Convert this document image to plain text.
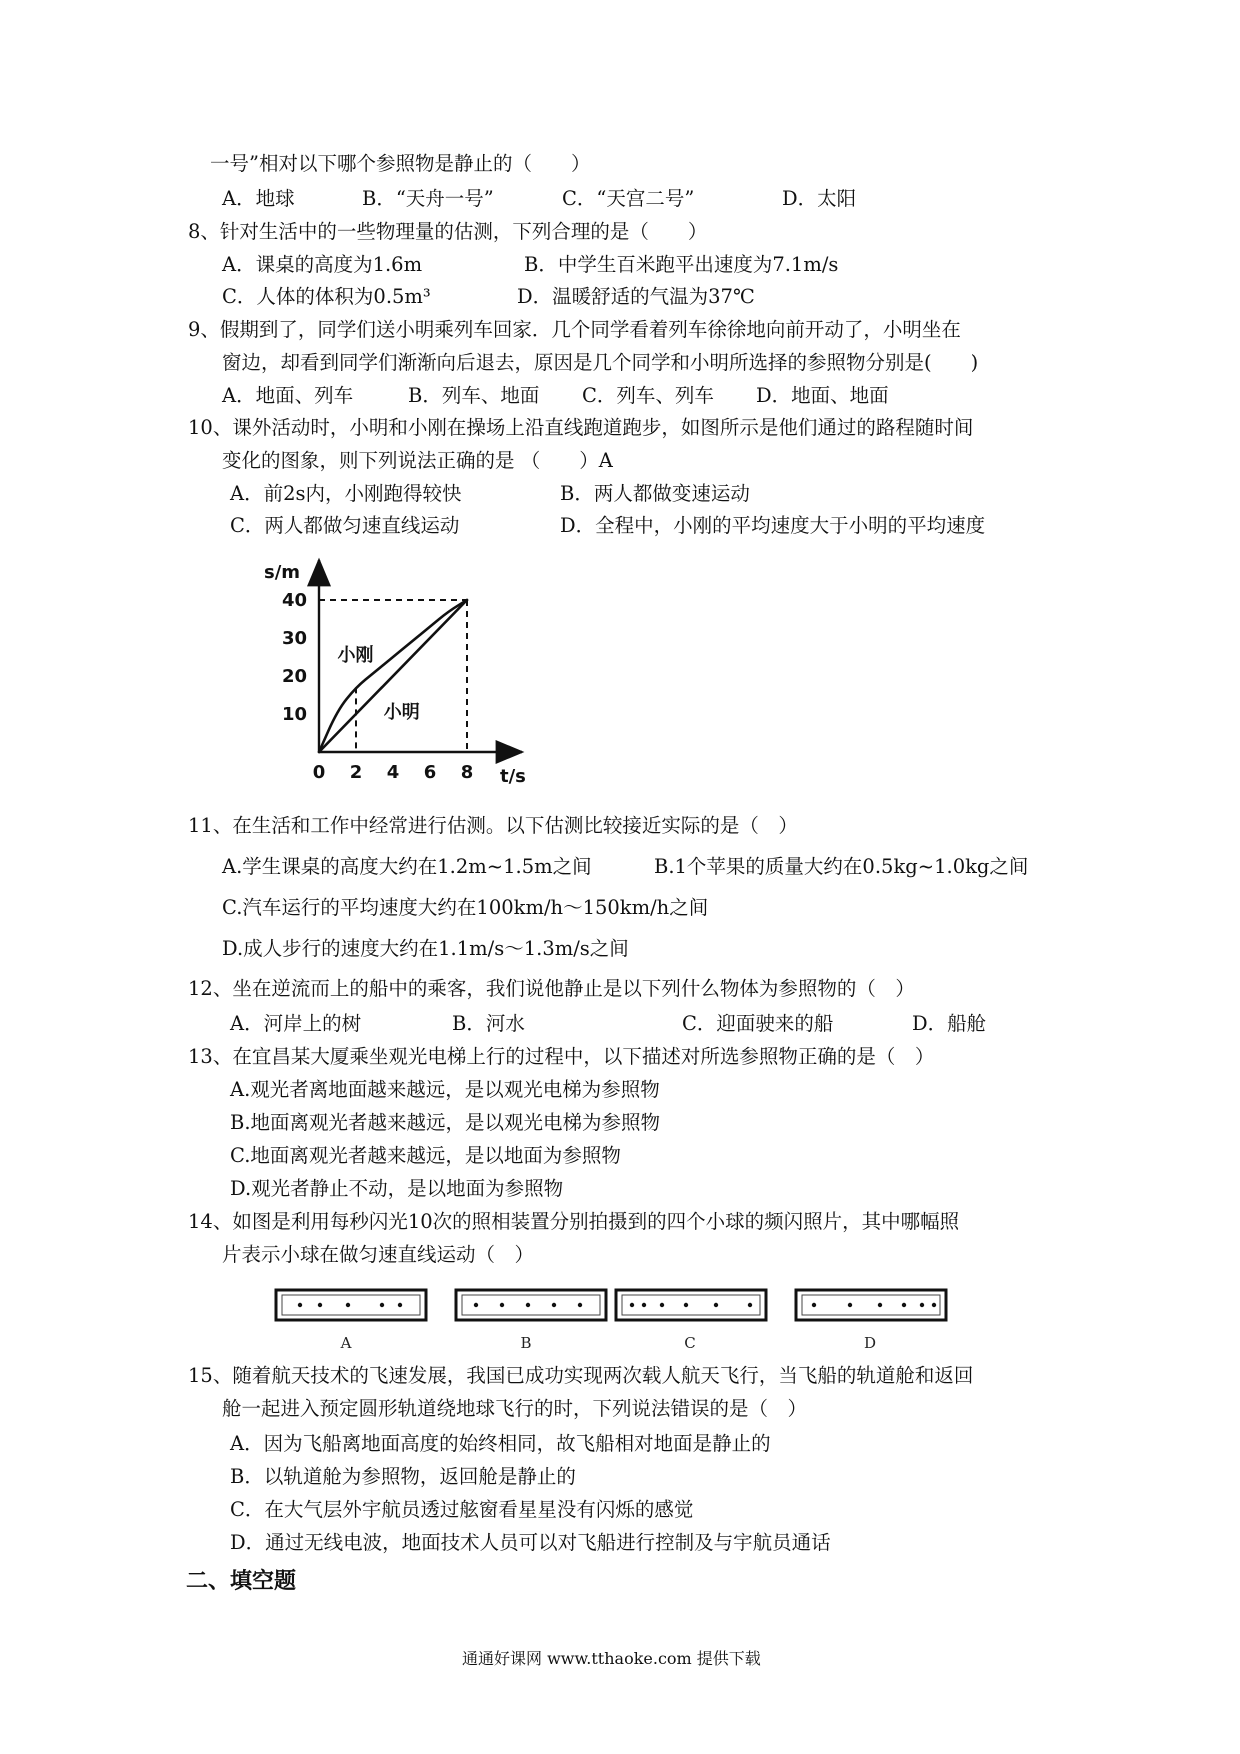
一号”相对以下哪个参照物是静止的（　　）
A．地球	B．“天舟一号”	C．“天宫二号”	D．太阳
8、针对生活中的一些物理量的估测，下列合理的是（　　）
A．课桌的高度为1.6m	B．中学生百米跑平出速度为7.1m/s
C．人体的体积为0.5m³	D．温暖舒适的气温为37℃
9、假期到了，同学们送小明乘列车回家．几个同学看着列车徐徐地向前开动了，小明坐在
窗边，却看到同学们渐渐向后退去，原因是几个同学和小明所选择的参照物分别是(　　)
A．地面、列车	B．列车、地面 C．列车、列车 D．地面、地面
10、课外活动时，小明和小刚在操场上沿直线跑道跑步，如图所示是他们通过的路程随时间
变化的图象，则下列说法正确的是 （　　）A
A．前2s内，小刚跑得较快	B．两人都做变速运动
C．两人都做匀速直线运动	D．全程中，小刚的平均速度大于小明的平均速度
s/m
t/s
0 2 4 6 8
10
20
30
40
小刚
小明
11、在生活和工作中经常进行估测。以下估测比较接近实际的是（　）
A.学生课桌的高度大约在1.2m~1.5m之间	B.1个苹果的质量大约在0.5kg~1.0kg之间
C.汽车运行的平均速度大约在100km/h～150km/h之间
D.成人步行的速度大约在1.1m/s～1.3m/s之间
12、坐在逆流而上的船中的乘客，我们说他静止是以下列什么物体为参照物的（　）
A．河岸上的树	B．河水	C．迎面驶来的船	D．船舱
13、在宜昌某大厦乘坐观光电梯上行的过程中，以下描述对所选参照物正确的是（　）
A.观光者离地面越来越远，是以观光电梯为参照物
B.地面离观光者越来越远，是以观光电梯为参照物
C.地面离观光者越来越远，是以地面为参照物
D.观光者静止不动，是以地面为参照物
14、如图是利用每秒闪光10次的照相装置分别拍摄到的四个小球的频闪照片，其中哪幅照
片表示小球在做匀速直线运动（　）
A	B	C	D
15、随着航天技术的飞速发展，我国已成功实现两次载人航天飞行，当飞船的轨道舱和返回
舱一起进入预定圆形轨道绕地球飞行的时，下列说法错误的是（　）
A．因为飞船离地面高度的始终相同，故飞船相对地面是静止的
B．以轨道舱为参照物，返回舱是静止的
C．在大气层外宇航员透过舷窗看星星没有闪烁的感觉
D．通过无线电波，地面技术人员可以对飞船进行控制及与宇航员通话
二、填空题
通通好课网 www.tthaoke.com 提供下载
